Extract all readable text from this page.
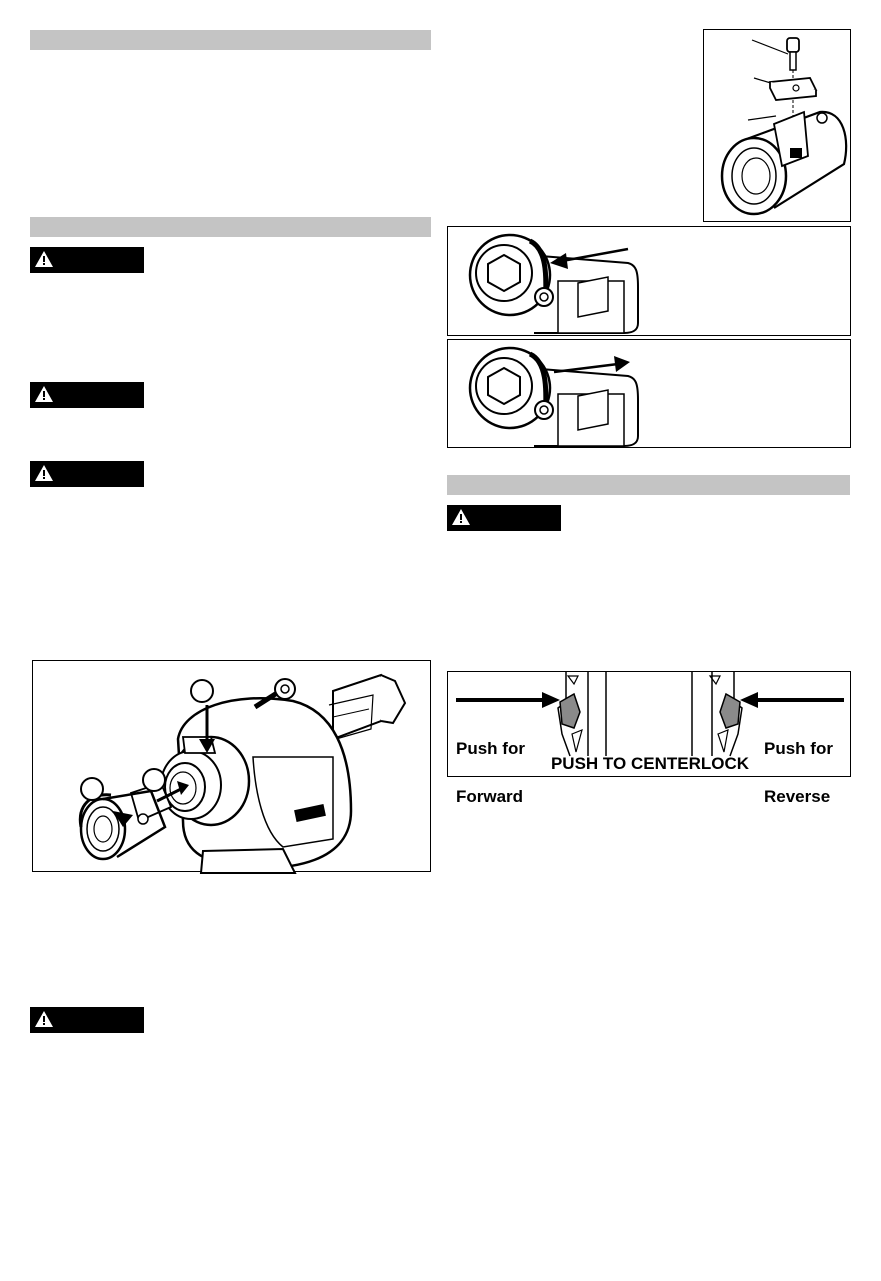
Push for

Forward

Push for

Reverse

PUSH TO CENTERLOCK
